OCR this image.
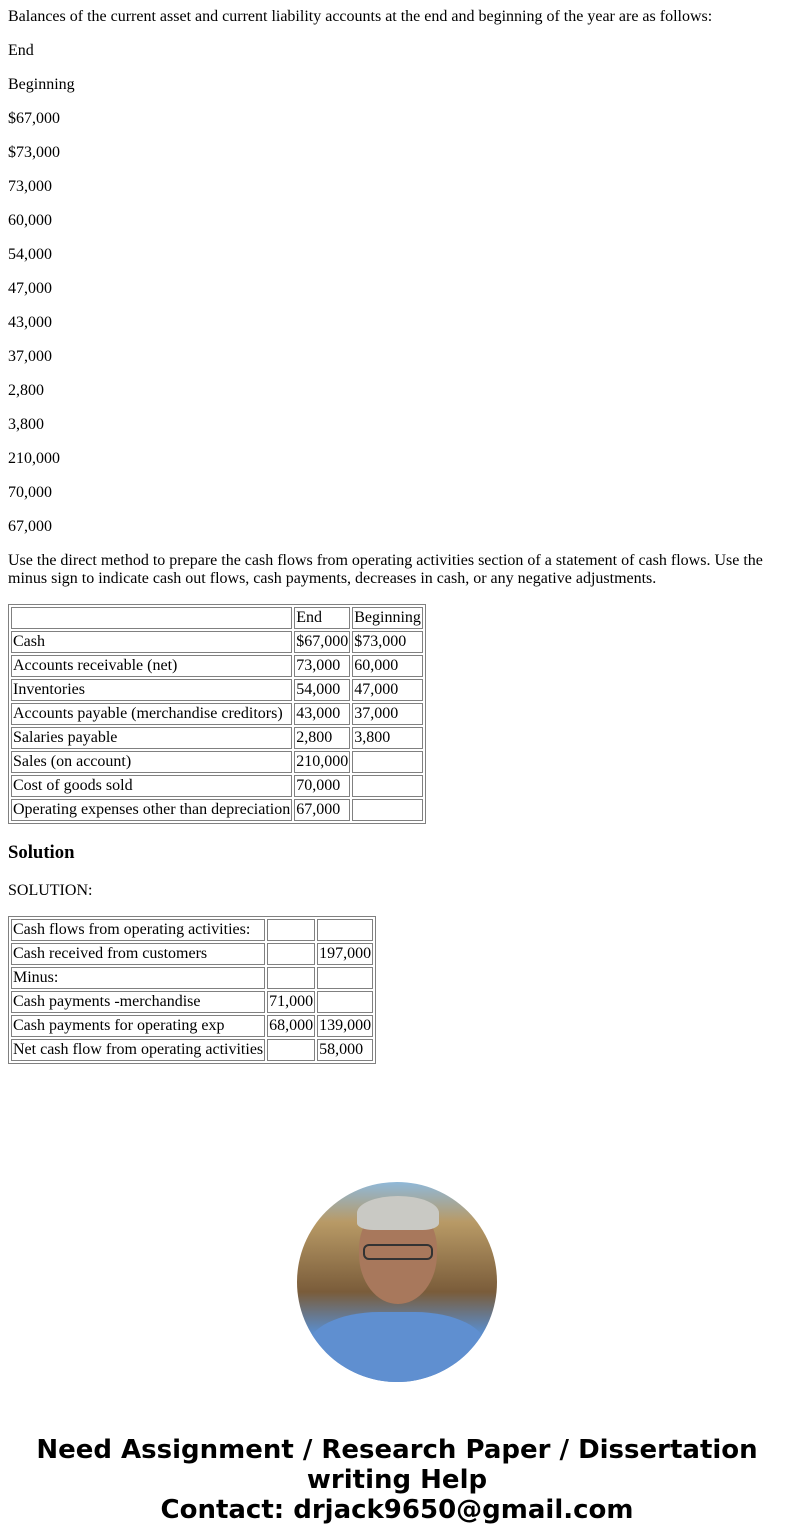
Balances of the current asset and current liability accounts at the end and beginning of the year are as follows:

End

Beginning

$67,000

$73,000

73,000

60,000

54,000

47,000

43,000

37,000

2,800

3,800

210,000

70,000

67,000

Use the direct method to prepare the cash flows from operating activities section of a statement of cash flows. Use the minus sign to indicate cash out flows, cash payments, decreases in cash, or any negative adjustments.

	End	Beginning
Cash	$67,000	$73,000
Accounts receivable (net)	73,000	60,000
Inventories	54,000	47,000
Accounts payable (merchandise creditors)	43,000	37,000
Salaries payable	2,800	3,800
Sales (on account)	210,000	
Cost of goods sold	70,000	
Operating expenses other than depreciation	67,000	
Solution

SOLUTION:

Cash flows from operating activities:		
Cash received from customers		197,000
Minus:		
Cash payments -merchandise	71,000	
Cash payments for operating exp	68,000	139,000
Net cash flow from operating activities		58,000
Need Assignment / Research Paper / Dissertation
writing Help
Contact: drjack9650@gmail.com
